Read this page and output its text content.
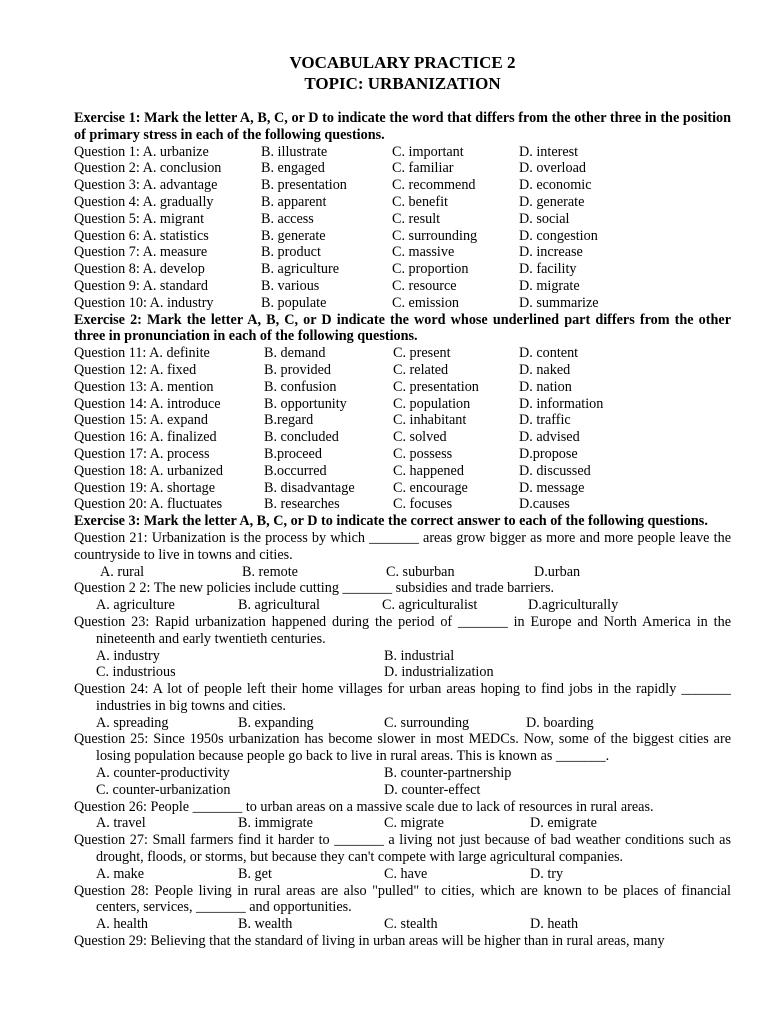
VOCABULARY PRACTICE 2
TOPIC: URBANIZATION
Exercise 1: Mark the letter A, B, C, or D to indicate the word that differs from the other three in the position of primary stress in each of the following questions.
Question 1: A. urbanize	B. illustrate	C. important	D. interest
Question 2: A. conclusion	B. engaged	C. familiar	D. overload
Question 3: A. advantage	B. presentation	C. recommend	D. economic
Question 4: A. gradually	B. apparent	C. benefit	D. generate
Question 5: A. migrant	B. access	C. result	D. social
Question 6: A. statistics	B. generate	C. surrounding	D. congestion
Question 7: A. measure	B. product	C. massive	D. increase
Question 8: A. develop	B. agriculture	C. proportion	D. facility
Question 9: A. standard	B. various	C. resource	D. migrate
Question 10: A. industry	B. populate	C. emission	D. summarize
Exercise 2: Mark the letter A, B, C, or D indicate the word whose underlined part differs from the other three in pronunciation in each of the following questions.
Question 11: A. definite	B. demand	C. present	D. content
Question 12: A. fixed	B. provided	C. related	D. naked
Question 13: A. mention	B. confusion	C. presentation	D. nation
Question 14: A. introduce	B. opportunity	C. population	D. information
Question 15: A. expand	B.regard	C. inhabitant	D. traffic
Question 16: A. finalized	B. concluded	C. solved	D. advised
Question 17: A. process	B.proceed	C. possess	D.propose
Question 18: A. urbanized	B.occurred	C. happened	D. discussed
Question 19: A. shortage	B. disadvantage	C. encourage	D. message
Question 20: A. fluctuates	B. researches	C. focuses	D.causes
Exercise 3: Mark the letter A, B, C, or D to indicate the correct answer to each of the following questions.
Question 21: Urbanization is the process by which _______ areas grow bigger as more and more people leave the countryside to live in towns and cities.
A. rural	B. remote	C. suburban	D.urban
Question 2 2: The new policies include cutting _______ subsidies and trade barriers.
A. agriculture	B. agricultural	C. agriculturalist	D.agriculturally
Question 23: Rapid urbanization happened during the period of _______ in Europe and North America in the nineteenth and early twentieth centuries.
A. industry	B. industrial
C. industrious	D. industrialization
Question 24: A lot of people left their home villages for urban areas hoping to find jobs in the rapidly _______ industries in big towns and cities.
A. spreading	B. expanding	C. surrounding	D. boarding
Question 25: Since 1950s urbanization has become slower in most MEDCs. Now, some of the biggest cities are losing population because people go back to live in rural areas. This is known as _______.
A. counter-productivity	B. counter-partnership
C. counter-urbanization	D. counter-effect
Question 26: People _______ to urban areas on a massive scale due to lack of resources in rural areas.
A. travel	B. immigrate	C. migrate	D. emigrate
Question 27: Small farmers find it harder to _______ a living not just because of bad weather conditions such as drought, floods, or storms, but because they can't compete with large agricultural companies.
A. make	B. get	C. have	D. try
Question 28: People living in rural areas are also "pulled" to cities, which are known to be places of financial centers, services, _______ and opportunities.
A. health	B. wealth	C. stealth	D. heath
Question 29: Believing that the standard of living in urban areas will be higher than in rural areas, many
